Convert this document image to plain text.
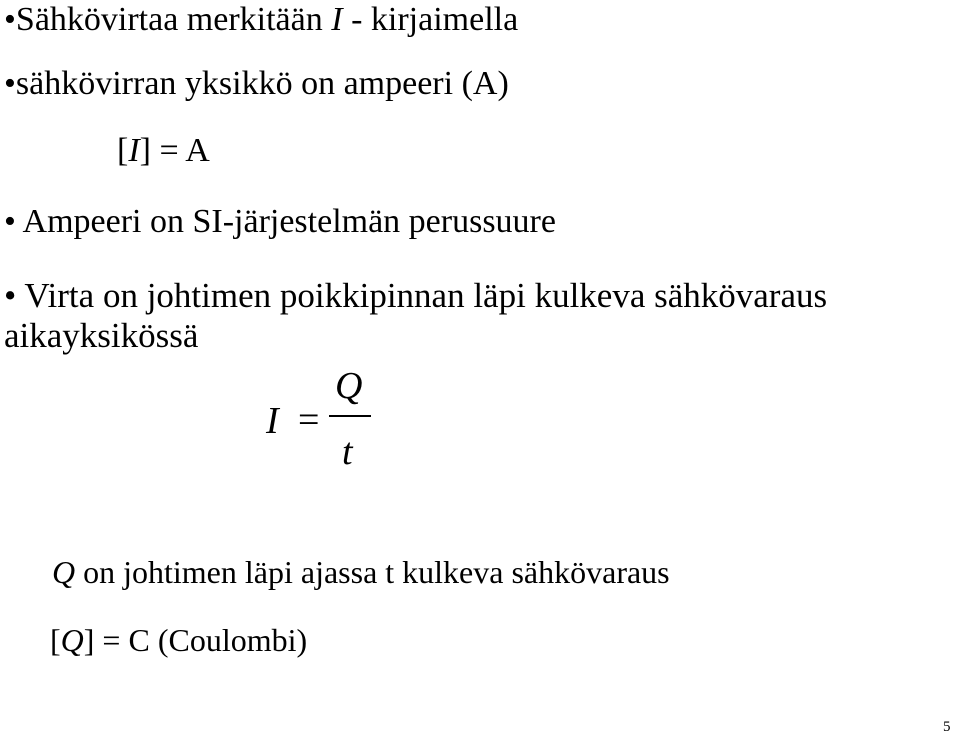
•Sähkövirtaa merkitään I - kirjaimella
•sähkövirran yksikkö on ampeeri (A)
[I] = A
• Ampeeri on SI-järjestelmän perussuure
• Virta on johtimen poikkipinnan läpi kulkeva sähkövaraus
aikayksikössä
I =
Q
t
Q on johtimen läpi ajassa t kulkeva sähkövaraus
[Q] = C (Coulombi)
5
